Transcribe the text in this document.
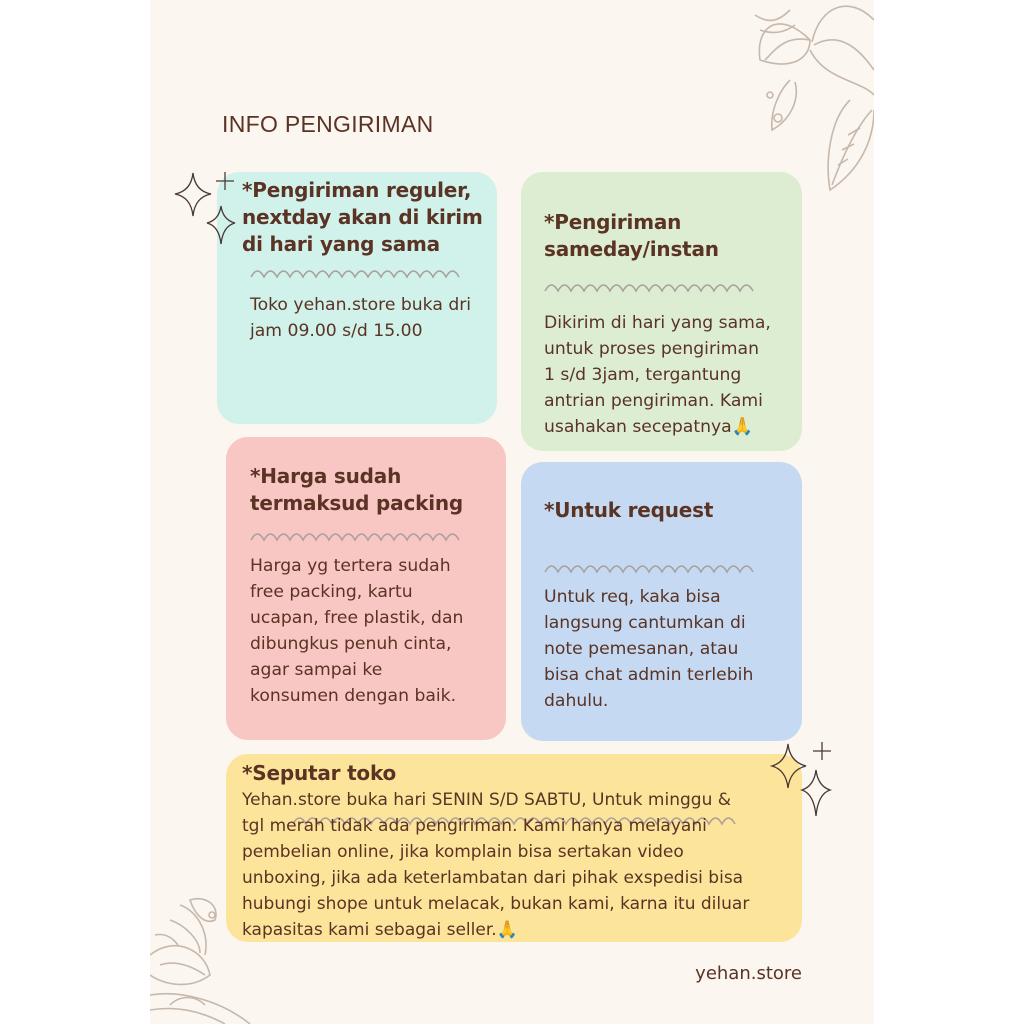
INFO PENGIRIMAN
*Pengiriman reguler,
nextday akan di kirim
di hari yang sama
Toko yehan.store buka dri
jam 09.00 s/d 15.00
*Pengiriman
sameday/instan
Dikirim di hari yang sama,
untuk proses pengiriman
1 s/d 3jam, tergantung
antrian pengiriman. Kami
usahakan secepatnya🙏
*Harga sudah
termaksud packing
Harga yg tertera sudah
free packing, kartu
ucapan, free plastik, dan
dibungkus penuh cinta,
agar sampai ke
konsumen dengan baik.
*Untuk request
Untuk req, kaka bisa
langsung cantumkan di
note pemesanan, atau
bisa chat admin terlebih
dahulu.
*Seputar toko
Yehan.store buka hari SENIN S/D SABTU, Untuk minggu &
tgl merah tidak ada pengiriman. Kami hanya melayani
pembelian online, jika komplain bisa sertakan video
unboxing, jika ada keterlambatan dari pihak exspedisi bisa
hubungi shope untuk melacak, bukan kami, karna itu diluar
kapasitas kami sebagai seller.🙏
yehan.store
